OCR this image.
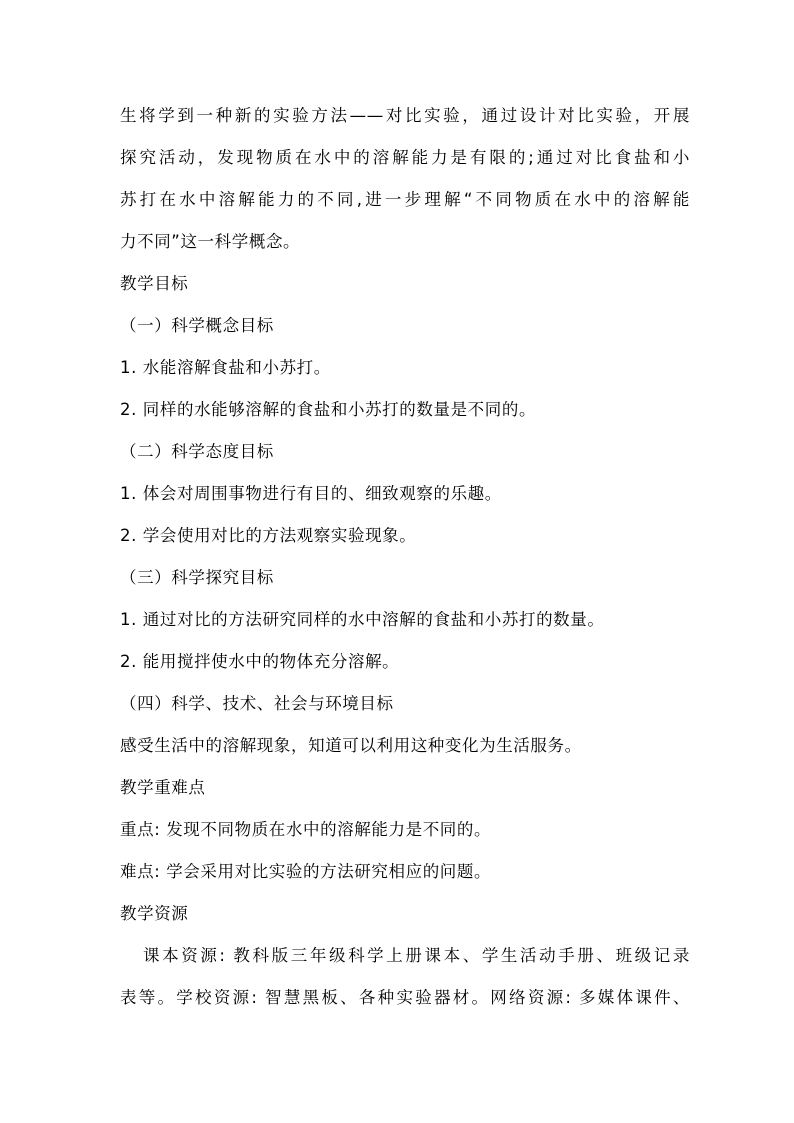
生将学到一种新的实验方法——对比实验，通过设计对比实验，开展
探究活动，发现物质在水中的溶解能力是有限的;通过对比食盐和小
苏打在水中溶解能力的不同,进一步理解“不同物质在水中的溶解能
力不同”这一科学概念。
教学目标
（一）科学概念目标
1. 水能溶解食盐和小苏打。
2. 同样的水能够溶解的食盐和小苏打的数量是不同的。
（二）科学态度目标
1. 体会对周围事物进行有目的、细致观察的乐趣。
2. 学会使用对比的方法观察实验现象。
（三）科学探究目标
1. 通过对比的方法研究同样的水中溶解的食盐和小苏打的数量。
2. 能用搅拌使水中的物体充分溶解。
（四）科学、技术、社会与环境目标
感受生活中的溶解现象，知道可以利用这种变化为生活服务。
教学重难点
重点: 发现不同物质在水中的溶解能力是不同的。
难点: 学会采用对比实验的方法研究相应的问题。
教学资源
课本资源: 教科版三年级科学上册课本、学生活动手册、班级记录
表等。学校资源: 智慧黑板、各种实验器材。网络资源: 多媒体课件、
